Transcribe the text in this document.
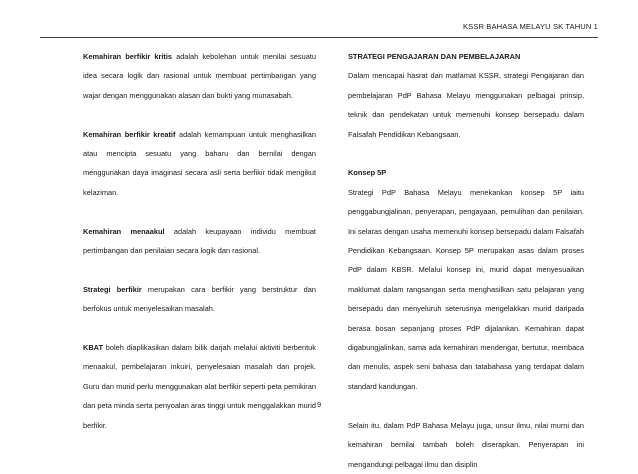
KSSR BAHASA MELAYU SK TAHUN 1

Kemahiran berfikir kritis adalah kebolehan untuk menilai sesuatu idea secara logik dan rasional untuk membuat pertimbangan yang wajar dengan menggunakan alasan dan bukti yang munasabah.

Kemahiran berfikir kreatif adalah kemampuan untuk menghasilkan atau mencipta sesuatu yang baharu dan bernilai dengan menggunakan daya imaginasi secara asli serta berfikir tidak mengikut kelaziman.

Kemahiran menaakul adalah keupayaan individu membuat pertimbangan dan penilaian secara logik dan rasional.

Strategi berfikir merupakan cara berfikir yang berstruktur dan berfokus untuk menyelesaikan masalah.

KBAT boleh diaplikasikan dalam bilik darjah melalui aktiviti berbentuk menaakul, pembelajaran inkuiri, penyelesaian masalah dan projek. Guru dan murid perlu menggunakan alat berfikir seperti peta pemikiran dan peta minda serta penyoalan aras tinggi untuk menggalakkan murid berfikir.

STRATEGI PENGAJARAN DAN PEMBELAJARAN

Dalam mencapai hasrat dan matlamat KSSR, strategi Pengajaran dan pembelajaran PdP Bahasa Melayu menggunakan pelbagai prinsip, teknik dan pendekatan untuk memenuhi konsep bersepadu dalam Falsafah Pendidikan Kebangsaan.

Konsep 5P

Strategi PdP Bahasa Melayu menekankan konsep 5P iaitu penggabungjalinan, penyerapan, pengayaan, pemulihan dan penilaian. Ini selaras dengan usaha memenuhi konsep bersepadu dalam Falsafah Pendidikan Kebangsaan. Konsep 5P merupakan asas dalam proses PdP dalam KBSR. Melalui konsep ini, murid dapat menyesuaikan maklumat dalam rangsangan serta menghasilkan satu pelajaran yang bersepadu dan menyeluruh seterusnya mengelakkan murid daripada berasa bosan sepanjang proses PdP dijalankan. Kemahiran dapat digabungjalinkan, sama ada kemahiran mendengar, bertutur, membaca dan menulis, aspek seni bahasa dan tatabahasa yang terdapat dalam standard kandungan.

Selain itu, dalam PdP Bahasa Melayu juga, unsur ilmu, nilai murni dan kemahiran bernilai tambah boleh diserapkan. Penyerapan ini mengandungi pelbagai ilmu dan disiplin

9
